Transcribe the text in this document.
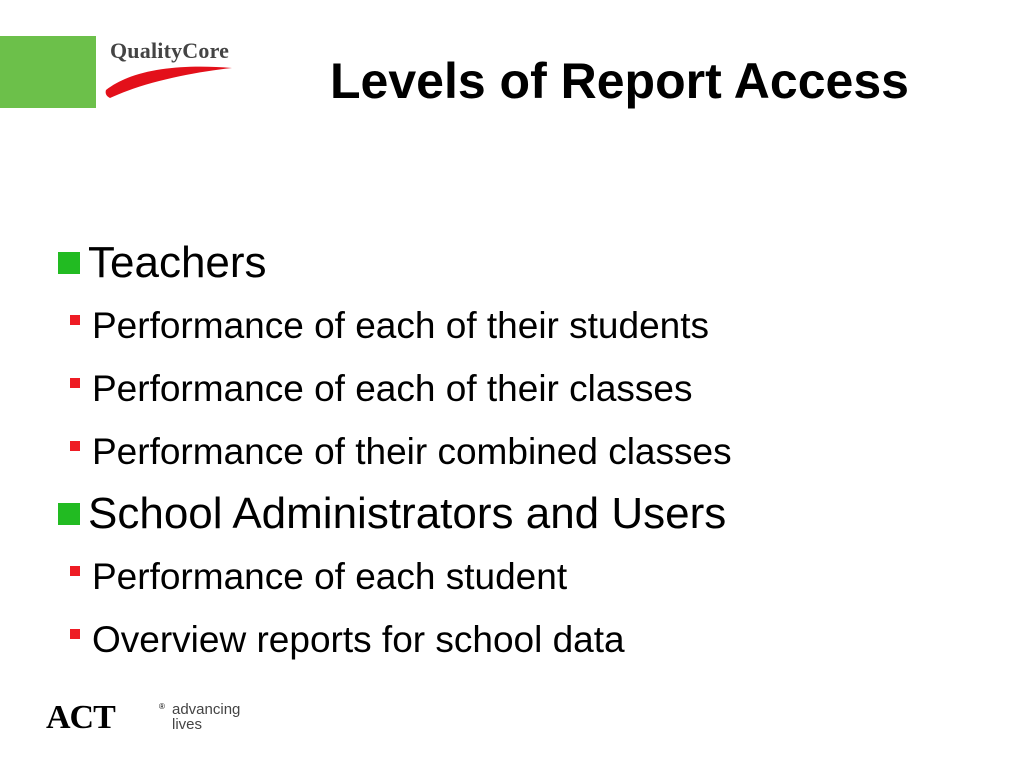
QualityCore
Levels of Report Access
Teachers
Performance of each of their students
Performance of each of their classes
Performance of their combined classes
School Administrators and Users
Performance of each student
Overview reports for school data
ACT	® advancing
lives
